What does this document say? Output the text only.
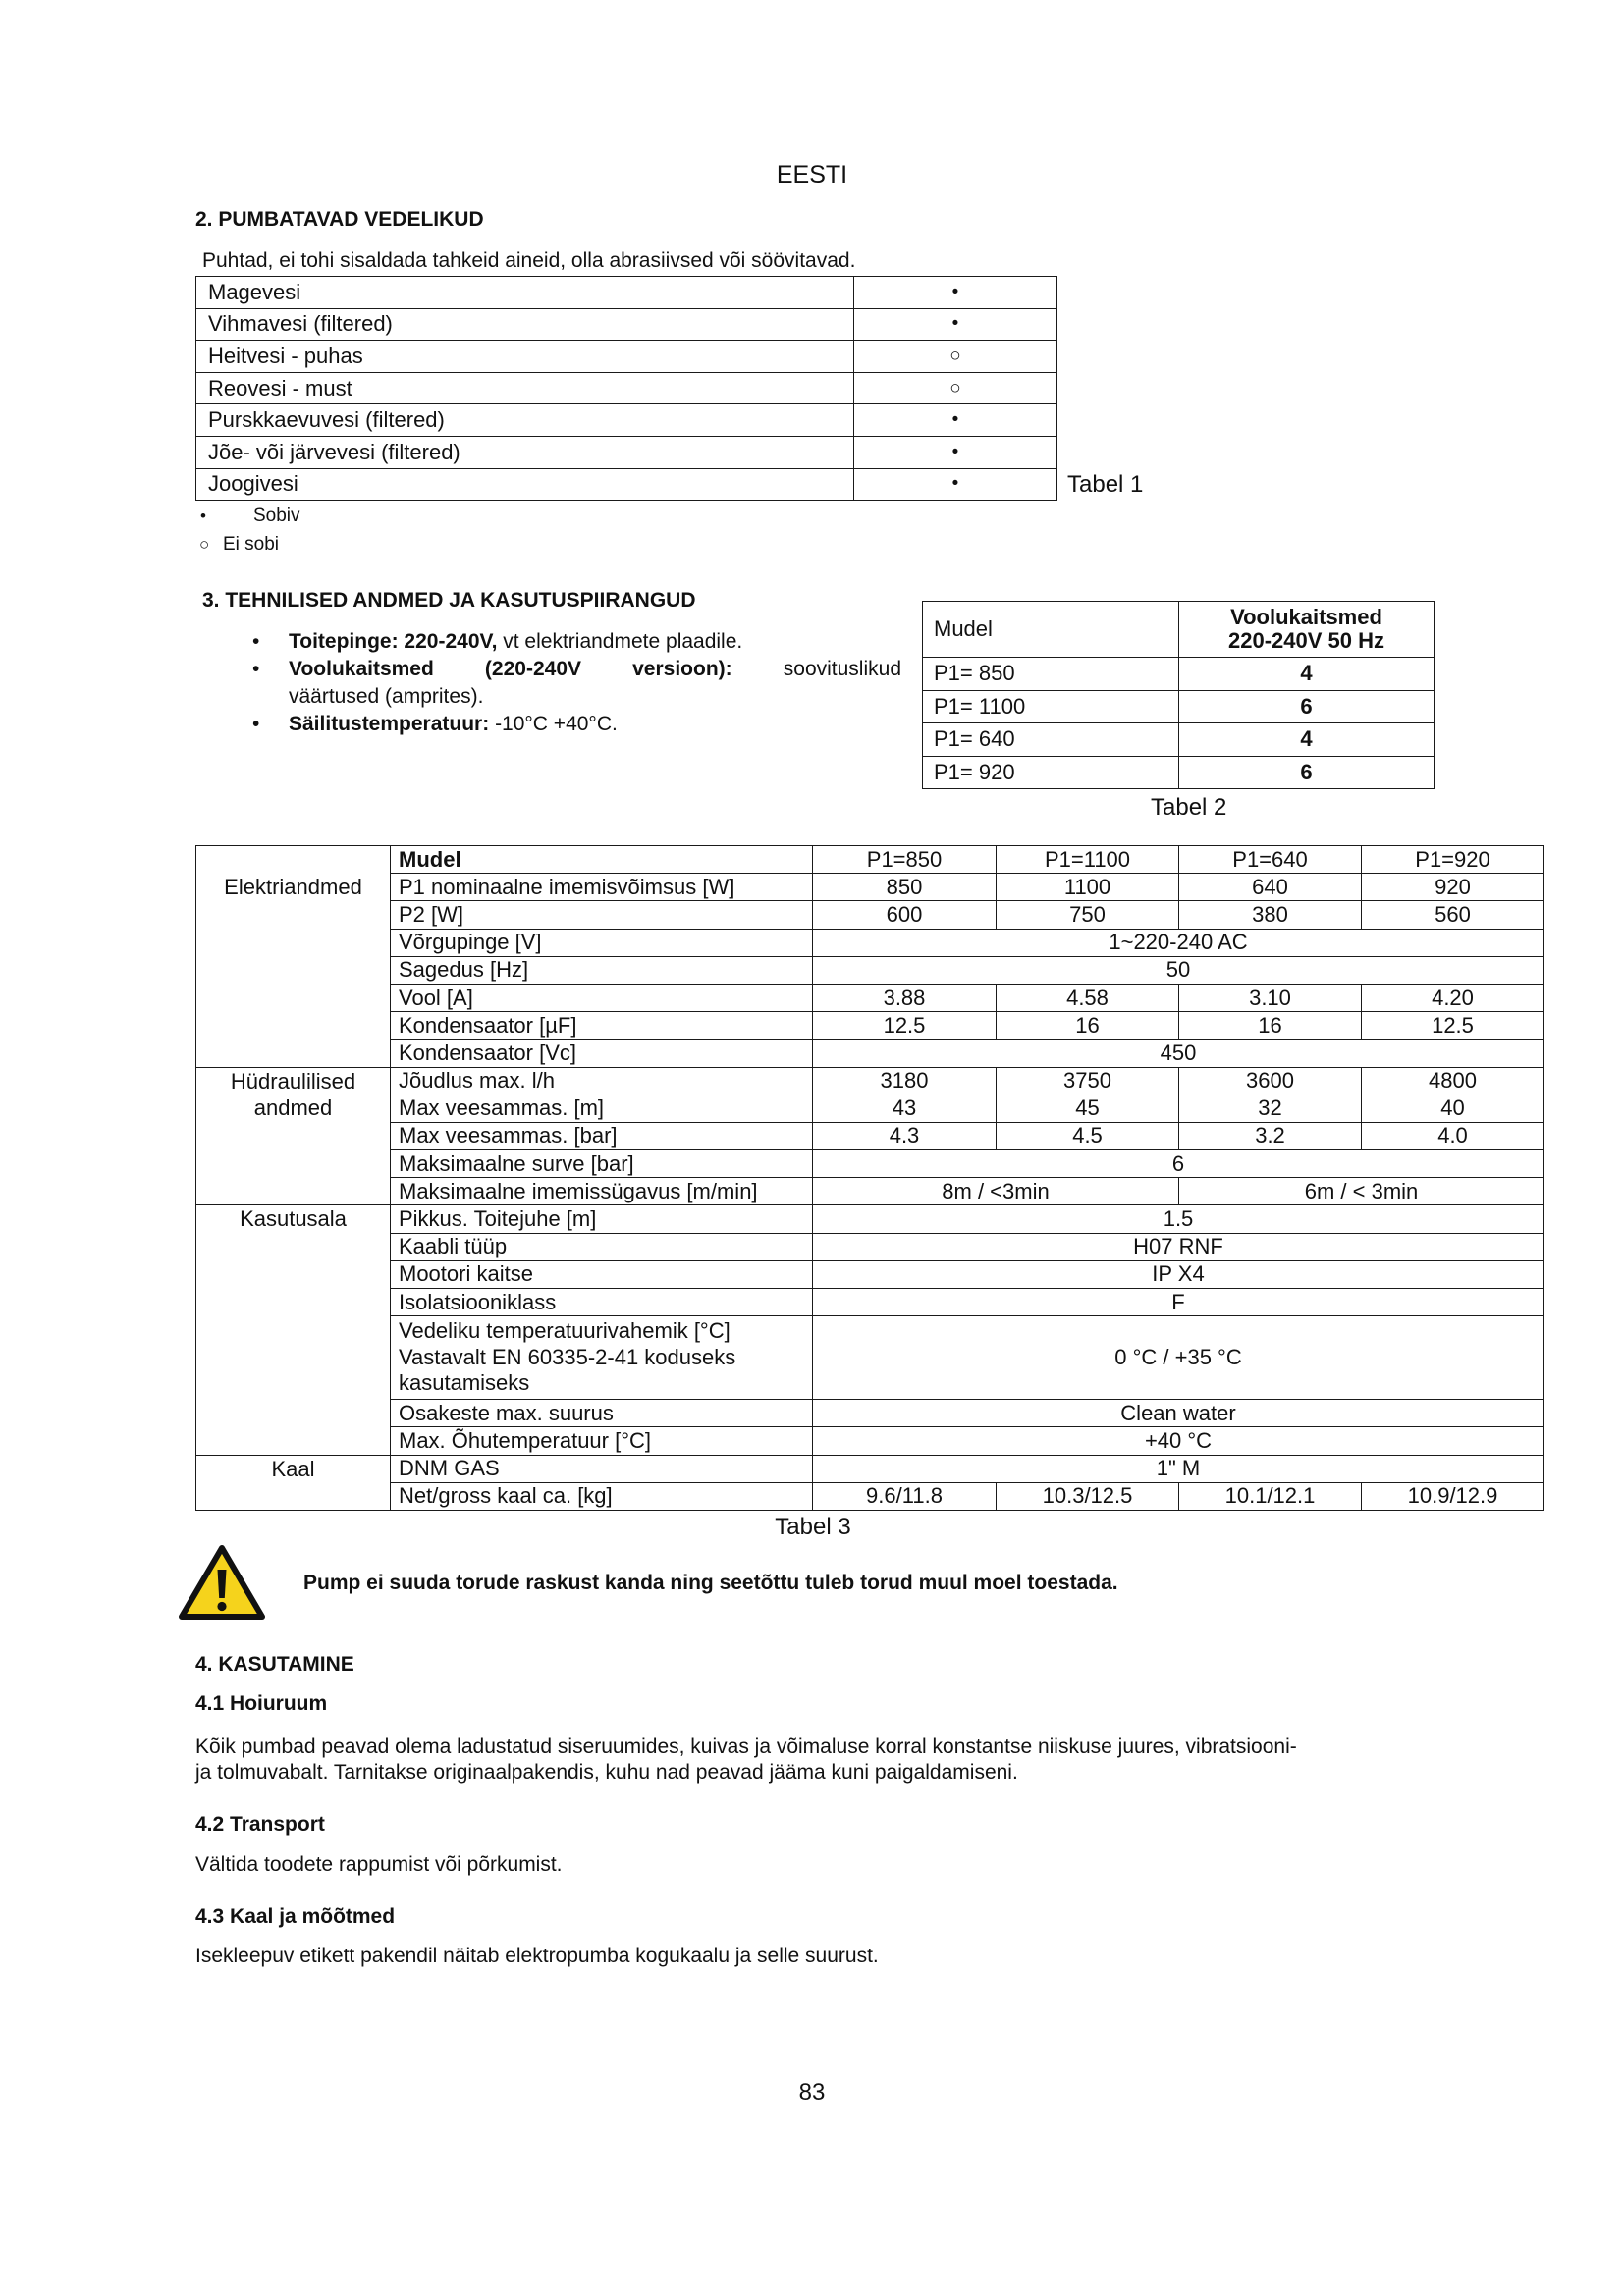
EESTI
2. PUMBATAVAD VEDELIKUD
Puhtad, ei tohi sisaldada tahkeid aineid, olla abrasiivsed või söövitavad.
Magevesi	•
Vihmavesi (filtered)	•
Heitvesi - puhas	○
Reovesi - must	○
Purskkaevuvesi (filtered)	•
Jõe- või järvevesi (filtered)	•
Joogivesi	•	Tabel 1
•	Sobiv
○ Ei sobi
3. TEHNILISED ANDMED JA KASUTUSPIIRANGUD
•	Toitepinge: 220-240V, vt elektriandmete plaadile.
•	Voolukaitsmed (220-240V versioon): soovituslikud
väärtused (amprites).
•	Säilitustemperatuur: -10°C +40°C.
Mudel	Voolukaitsmed
220-240V 50 Hz

P1= 850	4
P1= 1100	6
P1= 640	4
P1= 920	6
Tabel 2
	Mudel	P1=850	P1=1100	P1=640	P1=920
Elektriandmed	P1 nominaalne imemisvõimsus [W]	850	1100	640	920
	P2 [W]	600	750	380	560
	Võrgupinge [V]	1~220-240 AC			
	Sagedus [Hz]	50			
	Vool [A]	3.88	4.58	3.10	4.20
	Kondensaator [µF]	12.5	16	16	12.5
	Kondensaator [Vc]	450			
Hüdraulilised andmed	Jõudlus max. l/h	3180	3750	3600	4800
	Max veesammas. [m]	43	45	32	40
	Max veesammas. [bar]	4.3	4.5	3.2	4.0
	Maksimaalne surve [bar]	6			
	Maksimaalne imemissügavus [m/min]	8m / <3min		6m / < 3min	
Kasutusala	Pikkus. Toitejuhe [m]	1.5			
	Kaabli tüüp	H07 RNF			
	Mootori kaitse	IP X4			
	Isolatsiooniklass	F			

	Vedeliku temperatuurivahemik [°C]
Vastavalt EN 60335-2-41 koduseks
kasutamiseks	0 °C / +35 °C			
	Osakeste max. suurus	Clean water			
	Max. Õhutemperatuur [°C]	+40 °C			
Kaal	DNM GAS	1" M			
	Net/gross kaal ca. [kg]	9.6/11.8	10.3/12.5	10.1/12.1	10.9/12.9
Tabel 3
Pump ei suuda torude raskust kanda ning seetõttu tuleb torud muul moel toestada.
4. KASUTAMINE
4.1 Hoiuruum
Kõik pumbad peavad olema ladustatud siseruumides, kuivas ja võimaluse korral konstantse niiskuse juures, vibratsiooni-
ja tolmuvabalt. Tarnitakse originaalpakendis, kuhu nad peavad jääma kuni paigaldamiseni.
4.2 Transport
Vältida toodete rappumist või põrkumist.
4.3 Kaal ja mõõtmed
Isekleepuv etikett pakendil näitab elektropumba kogukaalu ja selle suurust.
83
